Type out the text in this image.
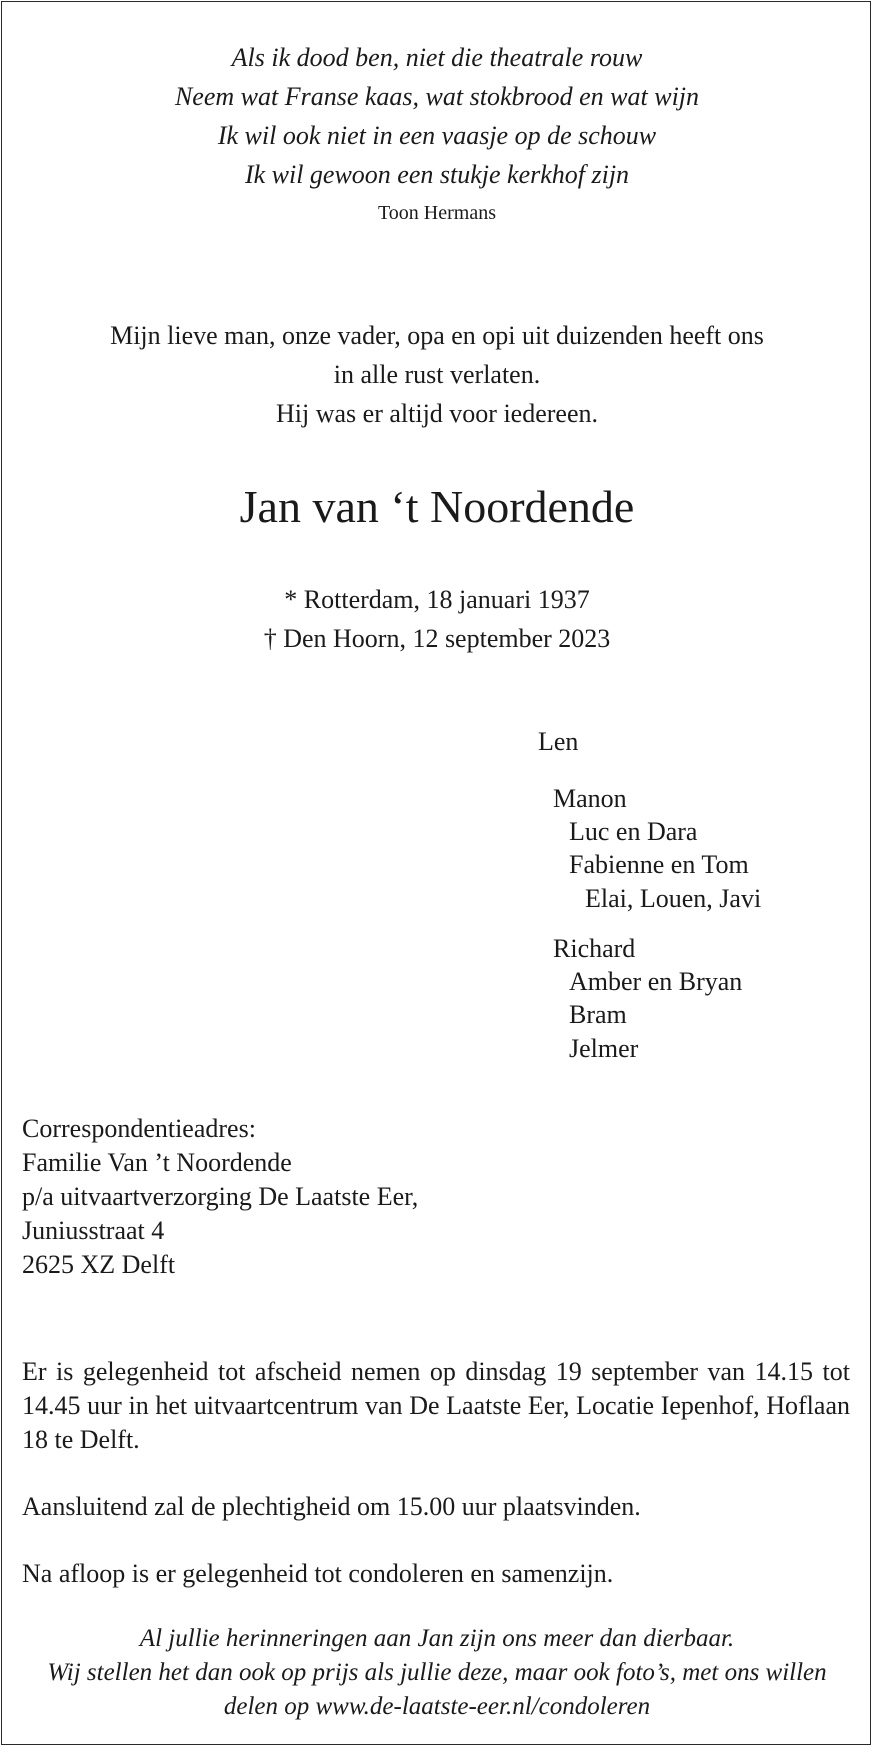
Als ik dood ben, niet die theatrale rouw
Neem wat Franse kaas, wat stokbrood en wat wijn
Ik wil ook niet in een vaasje op de schouw
Ik wil gewoon een stukje kerkhof zijn
Toon Hermans
Mijn lieve man, onze vader, opa en opi uit duizenden heeft ons
in alle rust verlaten.
Hij was er altijd voor iedereen.
Jan van ‘t Noordende
* Rotterdam, 18 januari 1937
† Den Hoorn, 12 september 2023
Len
Manon
Luc en Dara
Fabienne en Tom
Elai, Louen, Javi
Richard
Amber en Bryan
Bram
Jelmer
Correspondentieadres:
Familie Van ’t Noordende
p/a uitvaartverzorging De Laatste Eer,
Juniusstraat 4
2625 XZ Delft
Er is gelegenheid tot afscheid nemen op dinsdag 19 september van 14.15 tot 14.45 uur in het uitvaartcentrum van De Laatste Eer, Locatie Iepenhof, Hoflaan 18 te Delft.
Aansluitend zal de plechtigheid om 15.00 uur plaatsvinden.
Na afloop is er gelegenheid tot condoleren en samenzijn.
Al jullie herinneringen aan Jan zijn ons meer dan dierbaar.
Wij stellen het dan ook op prijs als jullie deze, maar ook foto’s, met ons willen
delen op www.de-laatste-eer.nl/condoleren
